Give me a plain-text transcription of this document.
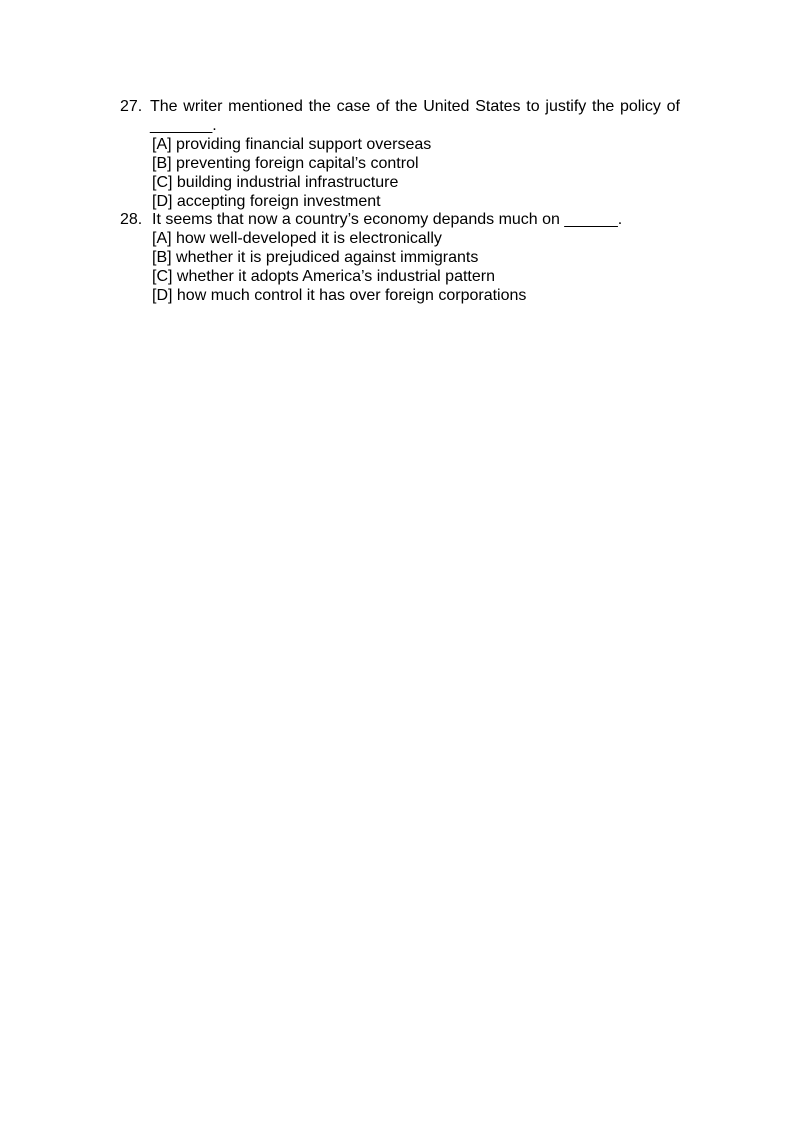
27. The writer mentioned the case of the United States to justify the policy of
_______.
[A] providing financial support overseas
[B] preventing foreign capital’s control
[C] building industrial infrastructure
[D] accepting foreign investment
28. It seems that now a country’s economy depands much on ______.
[A] how well-developed it is electronically
[B] whether it is prejudiced against immigrants
[C] whether it adopts America’s industrial pattern
[D] how much control it has over foreign corporations
